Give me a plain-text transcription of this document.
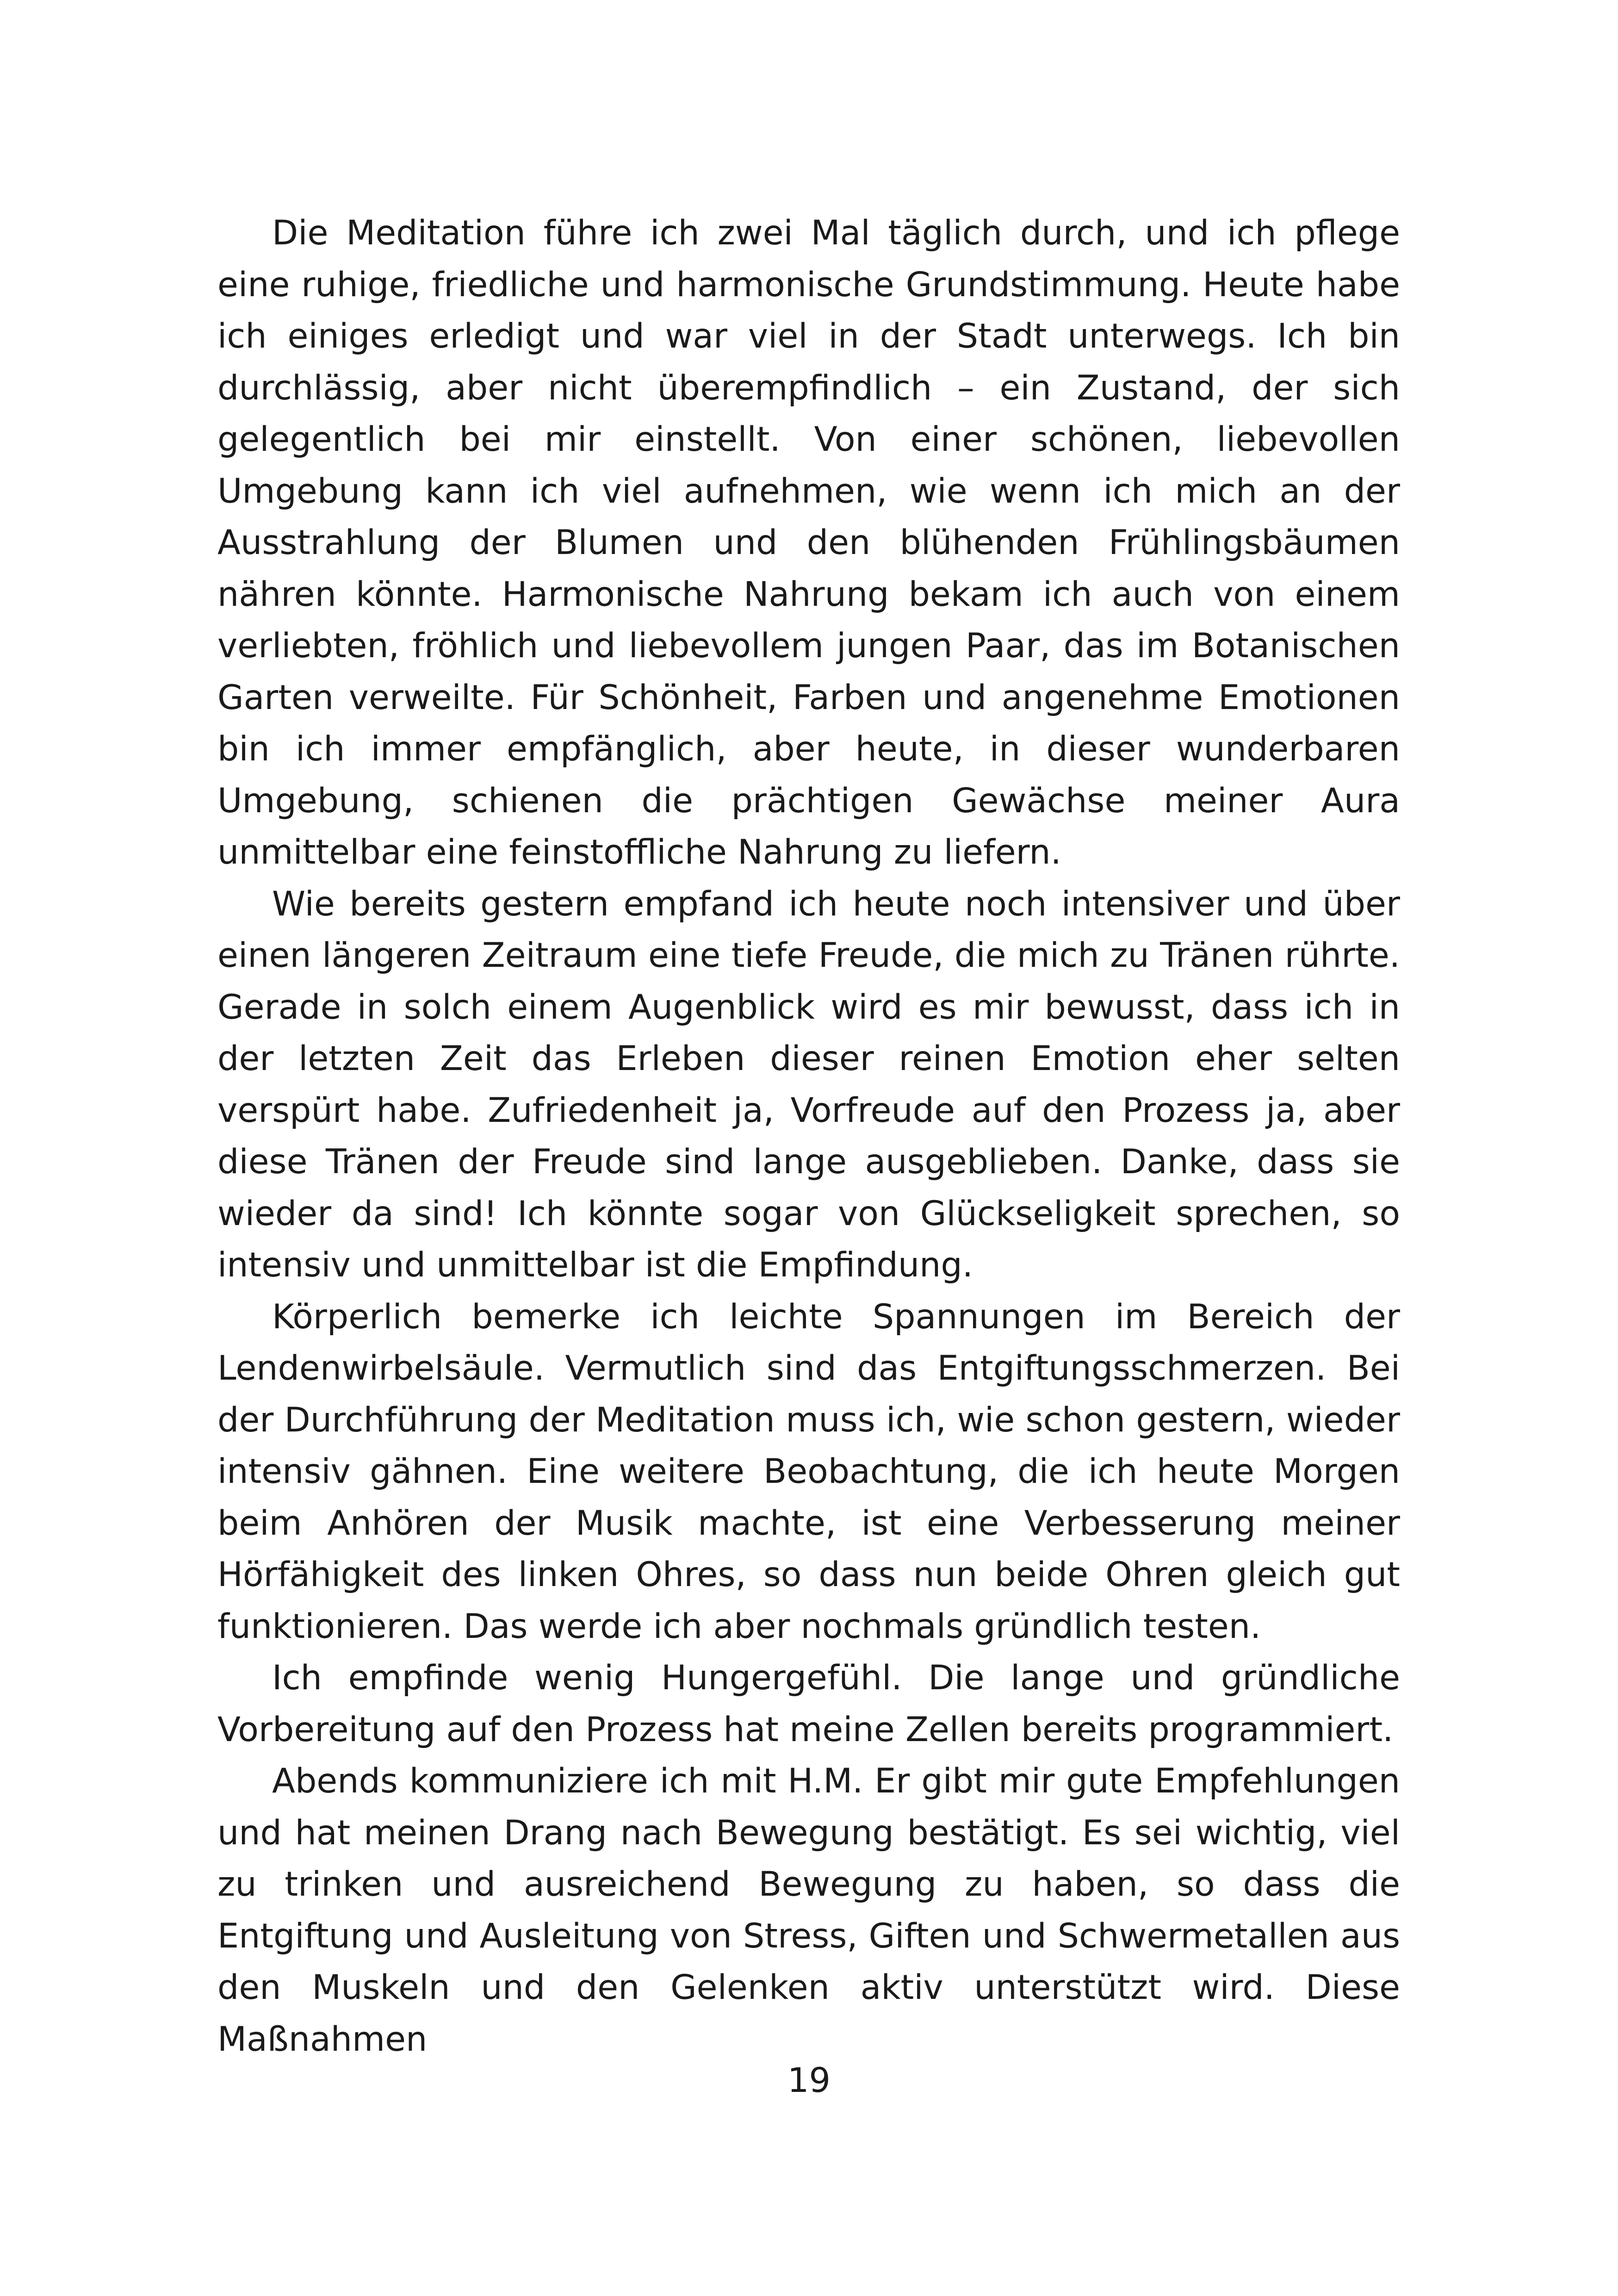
Die Meditation führe ich zwei Mal täglich durch, und ich pflege eine ruhige, friedliche und harmonische Grundstimmung. Heute habe ich einiges erledigt und war viel in der Stadt unterwegs. Ich bin durchlässig, aber nicht überempfindlich – ein Zustand, der sich gelegentlich bei mir einstellt. Von einer schönen, liebevollen Umgebung kann ich viel aufnehmen, wie wenn ich mich an der Ausstrahlung der Blumen und den blühenden Frühlingsbäumen nähren könnte. Harmonische Nahrung bekam ich auch von einem verliebten, fröhlich und liebevollem jungen Paar, das im Botanischen Garten verweilte. Für Schönheit, Farben und angenehme Emotionen bin ich immer empfänglich, aber heute, in dieser wunderbaren Umgebung, schienen die prächtigen Gewächse meiner Aura unmittelbar eine feinstoffliche Nahrung zu liefern.

Wie bereits gestern empfand ich heute noch intensiver und über einen längeren Zeitraum eine tiefe Freude, die mich zu Tränen rührte. Gerade in solch einem Augenblick wird es mir bewusst, dass ich in der letzten Zeit das Erleben dieser reinen Emotion eher selten verspürt habe. Zufriedenheit ja, Vorfreude auf den Prozess ja, aber diese Tränen der Freude sind lange ausgeblieben. Danke, dass sie wieder da sind! Ich könnte sogar von Glückseligkeit sprechen, so intensiv und unmittelbar ist die Empfindung.

Körperlich bemerke ich leichte Spannungen im Bereich der Lendenwirbelsäule. Vermutlich sind das Entgiftungsschmerzen. Bei der Durchführung der Meditation muss ich, wie schon gestern, wieder intensiv gähnen. Eine weitere Beobachtung, die ich heute Morgen beim Anhören der Musik machte, ist eine Verbesserung meiner Hörfähigkeit des linken Ohres, so dass nun beide Ohren gleich gut funktionieren. Das werde ich aber nochmals gründlich testen.

Ich empfinde wenig Hungergefühl. Die lange und gründliche Vorbereitung auf den Prozess hat meine Zellen bereits programmiert.

Abends kommuniziere ich mit H.M. Er gibt mir gute Empfehlungen und hat meinen Drang nach Bewegung bestätigt. Es sei wichtig, viel zu trinken und ausreichend Bewegung zu haben, so dass die Entgiftung und Ausleitung von Stress, Giften und Schwermetallen aus den Muskeln und den Gelenken aktiv unterstützt wird. Diese Maßnahmen

19
